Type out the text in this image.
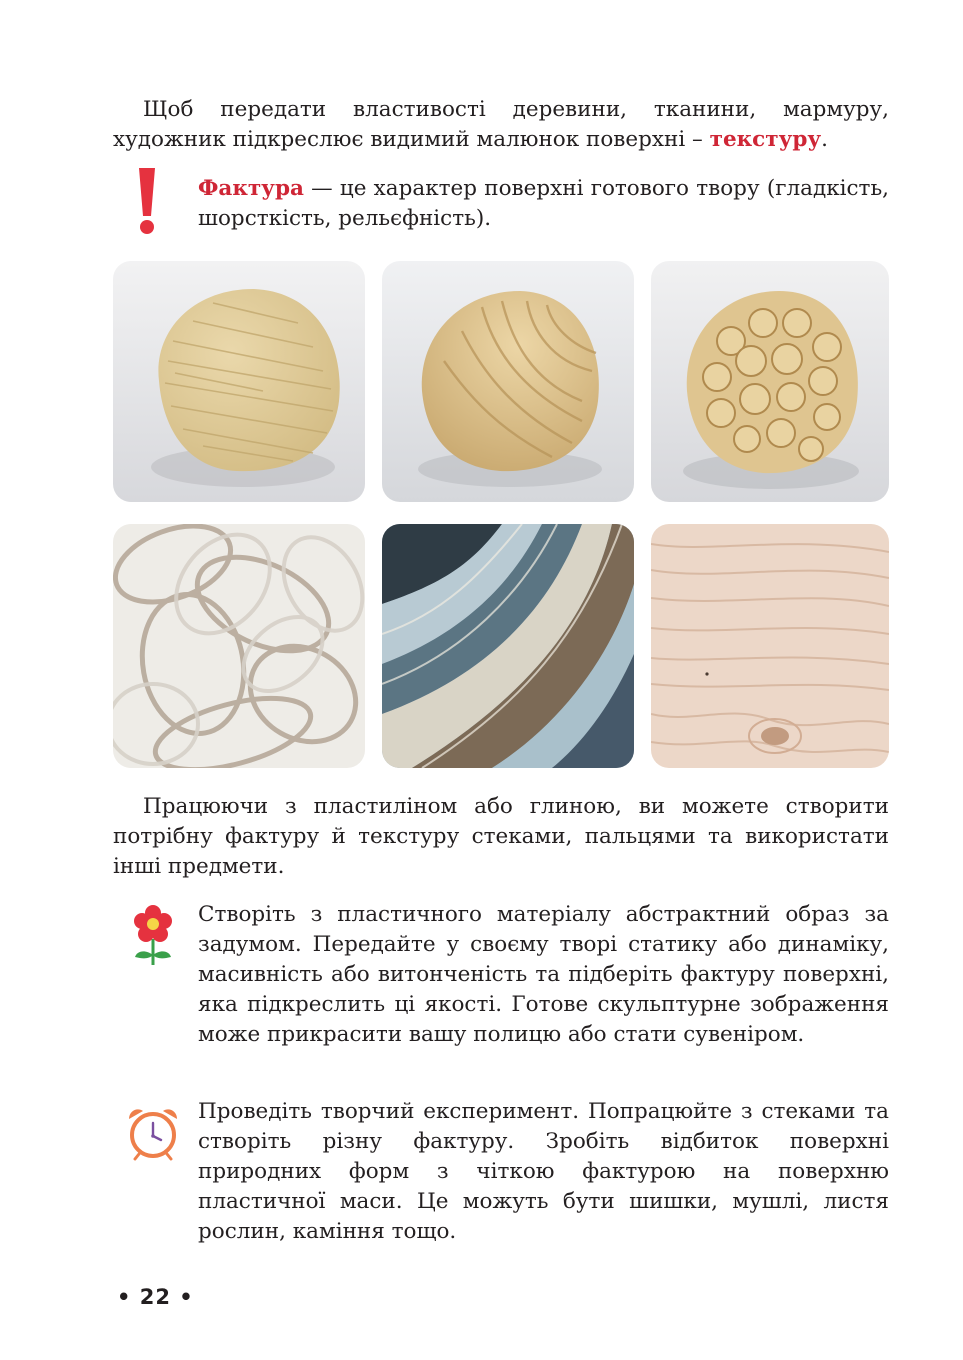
Щоб передати властивості деревини, тканини, мармуру, художник підкреслює видимий малюнок поверхні – текстуру.

Фактура — це характер поверхні готового твору (гладкість, шорсткість, рельєфність).

Працюючи з пластиліном або глиною, ви можете створити потрібну фактуру й текстуру стеками, пальцями та використати інші предмети.

Створіть з пластичного матеріалу абстрактний образ за задумом. Передайте у своєму творі статику або динаміку, масивність або витонченість та підберіть фактуру поверхні, яка підкреслить ці якості. Готове скульптурне зображення може прикрасити вашу полицю або стати сувеніром.

Проведіть творчий експеримент. Попрацюйте з стеками та створіть різну фактуру. Зробіть відбиток поверхні природних форм з чіткою фактурою на поверхню пластичної маси. Це можуть бути шишки, мушлі, листя рослин, каміння тощо.

• 22 •
